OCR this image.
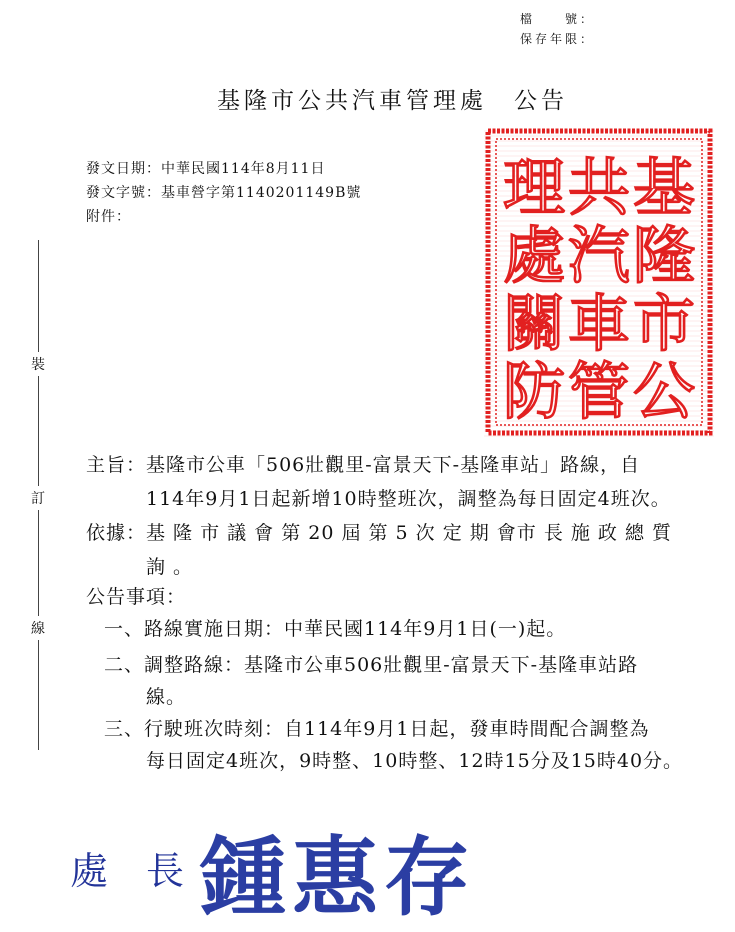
檔　　號：
保存年限：
基隆市公共汽車管理處　公告
發文日期：中華民國114年8月11日
發文字號：基車營字第1140201149B號
附件：	基
隆
市
公
共
汽
車
管
理
處
關
防
裝
訂
線
主旨：基隆市公車「506壯觀里-富景天下-基隆車站」路線，自
114年9月1日起新增10時整班次，調整為每日固定4班次。
依據：基 隆 市 議 會 第 20 屆 第 5 次 定 期 會市 長 施 政 總 質
詢 。
公告事項：
一、路線實施日期：中華民國114年9月1日(一)起。
二、調整路線：基隆市公車506壯觀里-富景天下-基隆車站路
線。
三、行駛班次時刻：自114年9月1日起，發車時間配合調整為
每日固定4班次，9時整、10時整、12時15分及15時40分。
處　長 鍾惠存
